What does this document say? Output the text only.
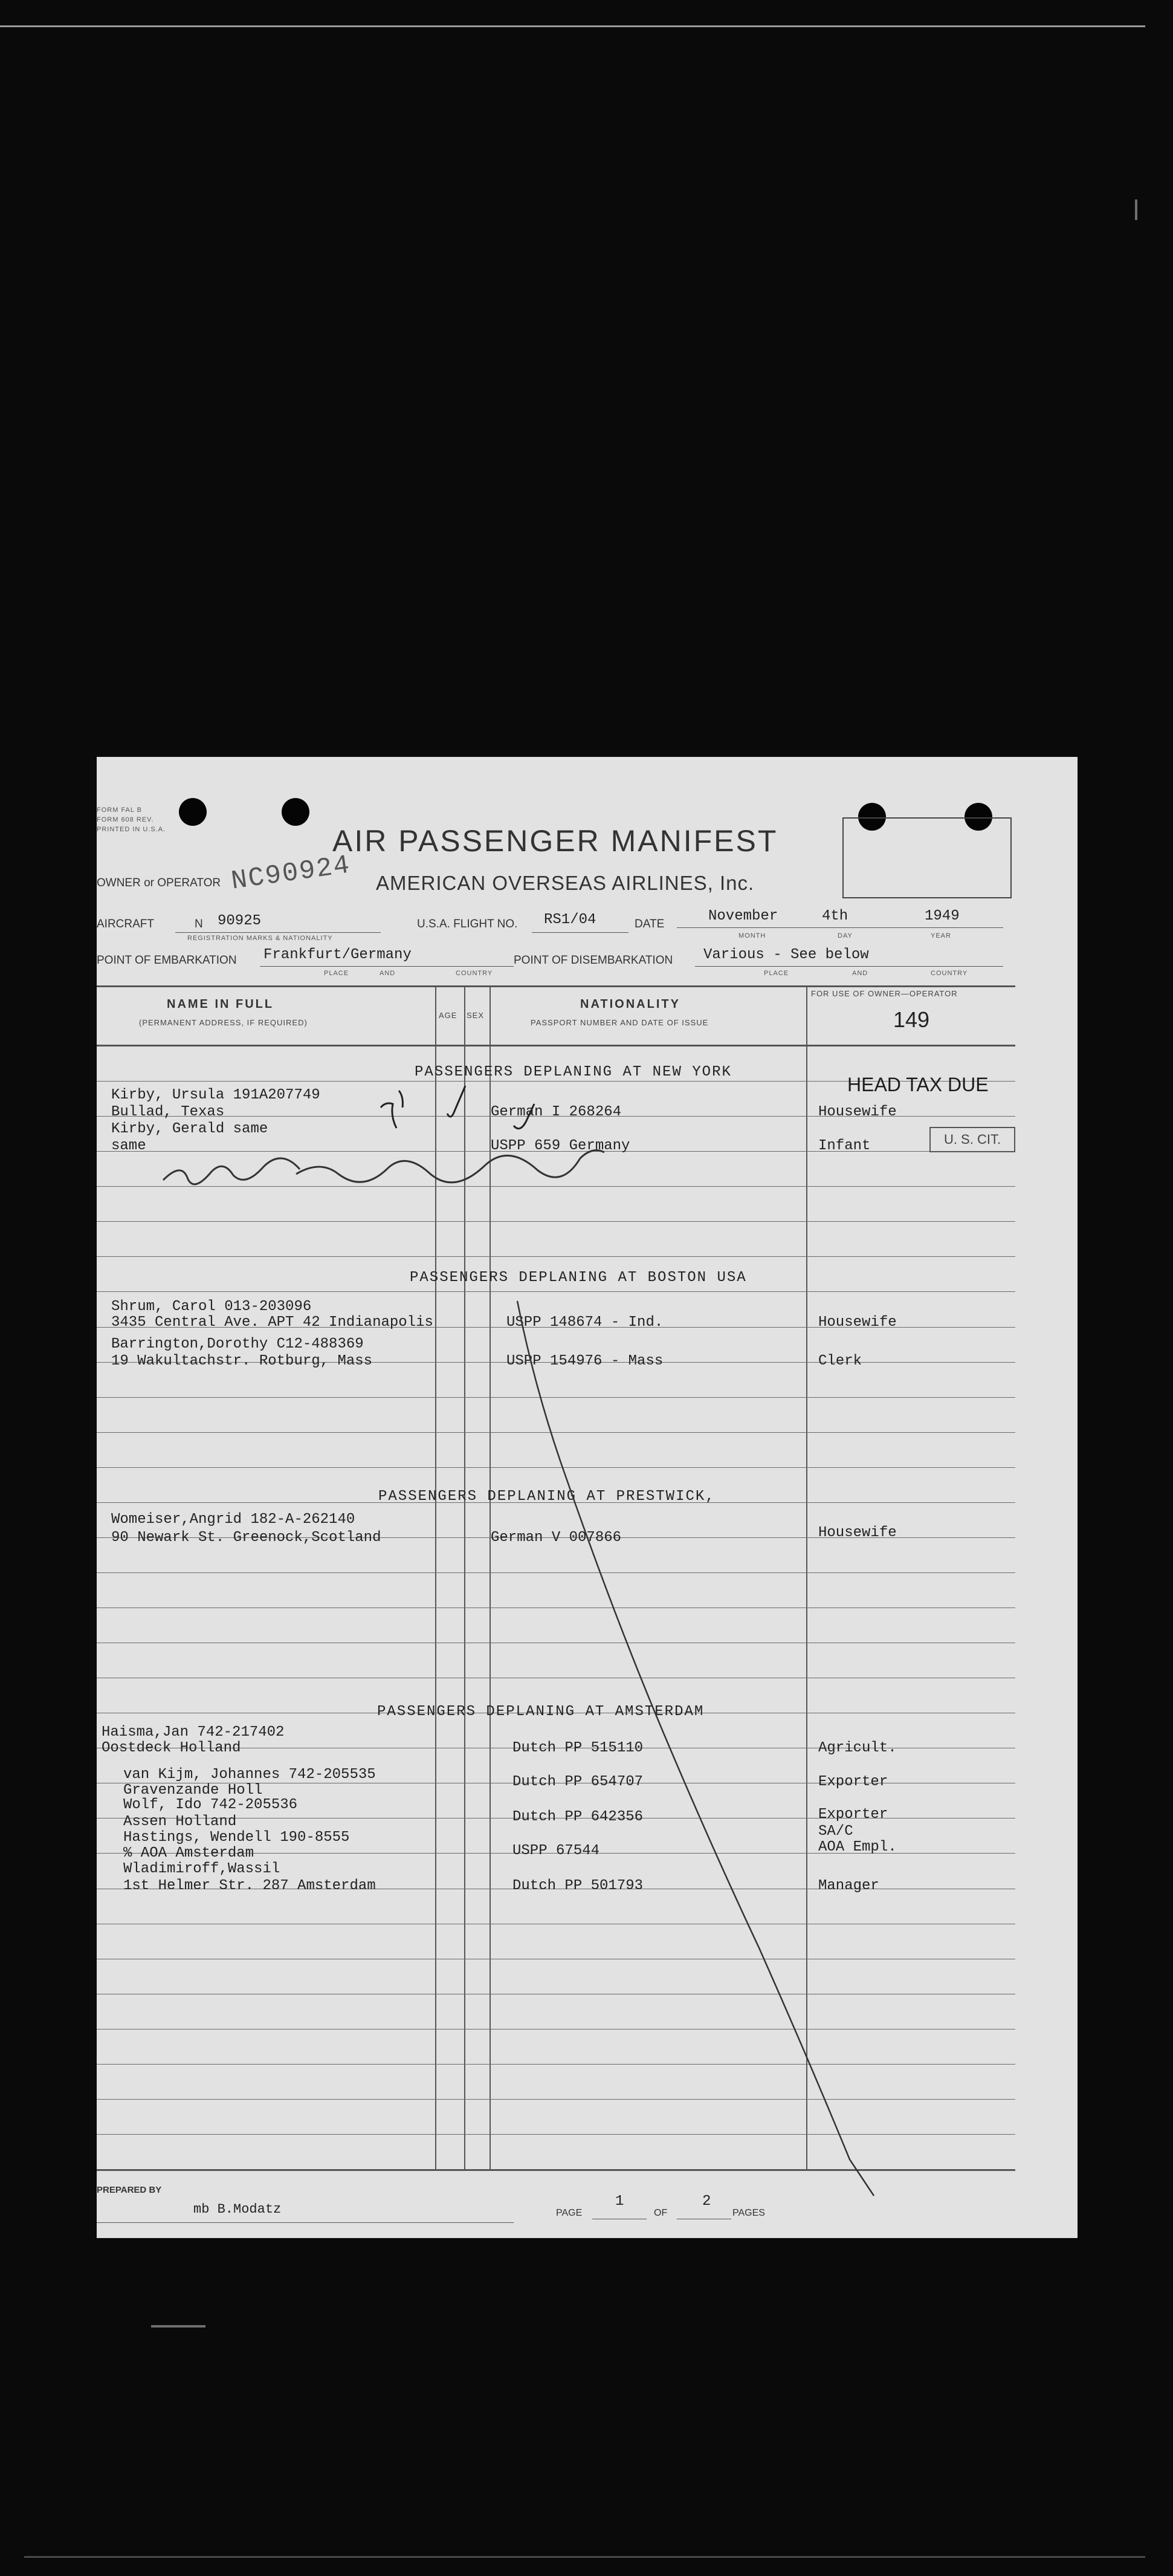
FORM FAL B
FORM 608 REV.
PRINTED IN U.S.A.	AIR PASSENGER MANIFEST
NC90924
OWNER or OPERATOR	AMERICAN OVERSEAS AIRLINES, Inc.
AIRCRAFT	N 90925
REGISTRATION MARKS & NATIONALITY
U.S.A. FLIGHT NO. RS1/04	DATE	November	4th	1949
MONTH	DAY	YEAR
POINT OF EMBARKATION Frankfurt/Germany
PLACE	AND	COUNTRY
POINT OF DISEMBARKATION Various - See below
PLACE	AND	COUNTRY
NAME IN FULL
(PERMANENT ADDRESS, IF REQUIRED)
AGE SEX
NATIONALITY
PASSPORT NUMBER AND DATE OF ISSUE
FOR USE OF OWNER—OPERATOR
149
PASSENGERS DEPLANING AT NEW YORK
PASSENGERS DEPLANING AT BOSTON USA
PASSENGERS DEPLANING AT PRESTWICK,
PASSENGERS DEPLANING AT AMSTERDAM
Kirby, Ursula 191A207749
Bullad, Texas	German I 268264	Housewife
Kirby, Gerald same
same	USPP 659 Germany	Infant
HEAD TAX DUE
U. S. CIT.
Shrum, Carol 013-203096
3435 Central Ave. APT 42 Indianapolis	USPP 148674 - Ind.	Housewife
Barrington,Dorothy C12-488369
19 Wakultachstr. Rotburg, Mass	USPP 154976 - Mass	Clerk
Womeiser,Angrid 182-A-262140
90 Newark St. Greenock,Scotland	German V 007866	Housewife
Haisma,Jan 742-217402
Oostdeck Holland	Dutch PP 515110	Agricult.
van Kijm, Johannes 742-205535
Gravenzande Holl
Dutch PP 654707	Exporter
Wolf, Ido 742-205536
Assen Holland	Dutch PP 642356	Exporter
Hastings, Wendell 190-8555	SA/C
% AOA Amsterdam	USPP 67544	AOA Empl.
Wladimiroff,Wassil
1st Helmer Str. 287 Amsterdam	Dutch PP 501793	Manager
PREPARED BY
mb B.Modatz	PAGE
1
OF
2
PAGES
